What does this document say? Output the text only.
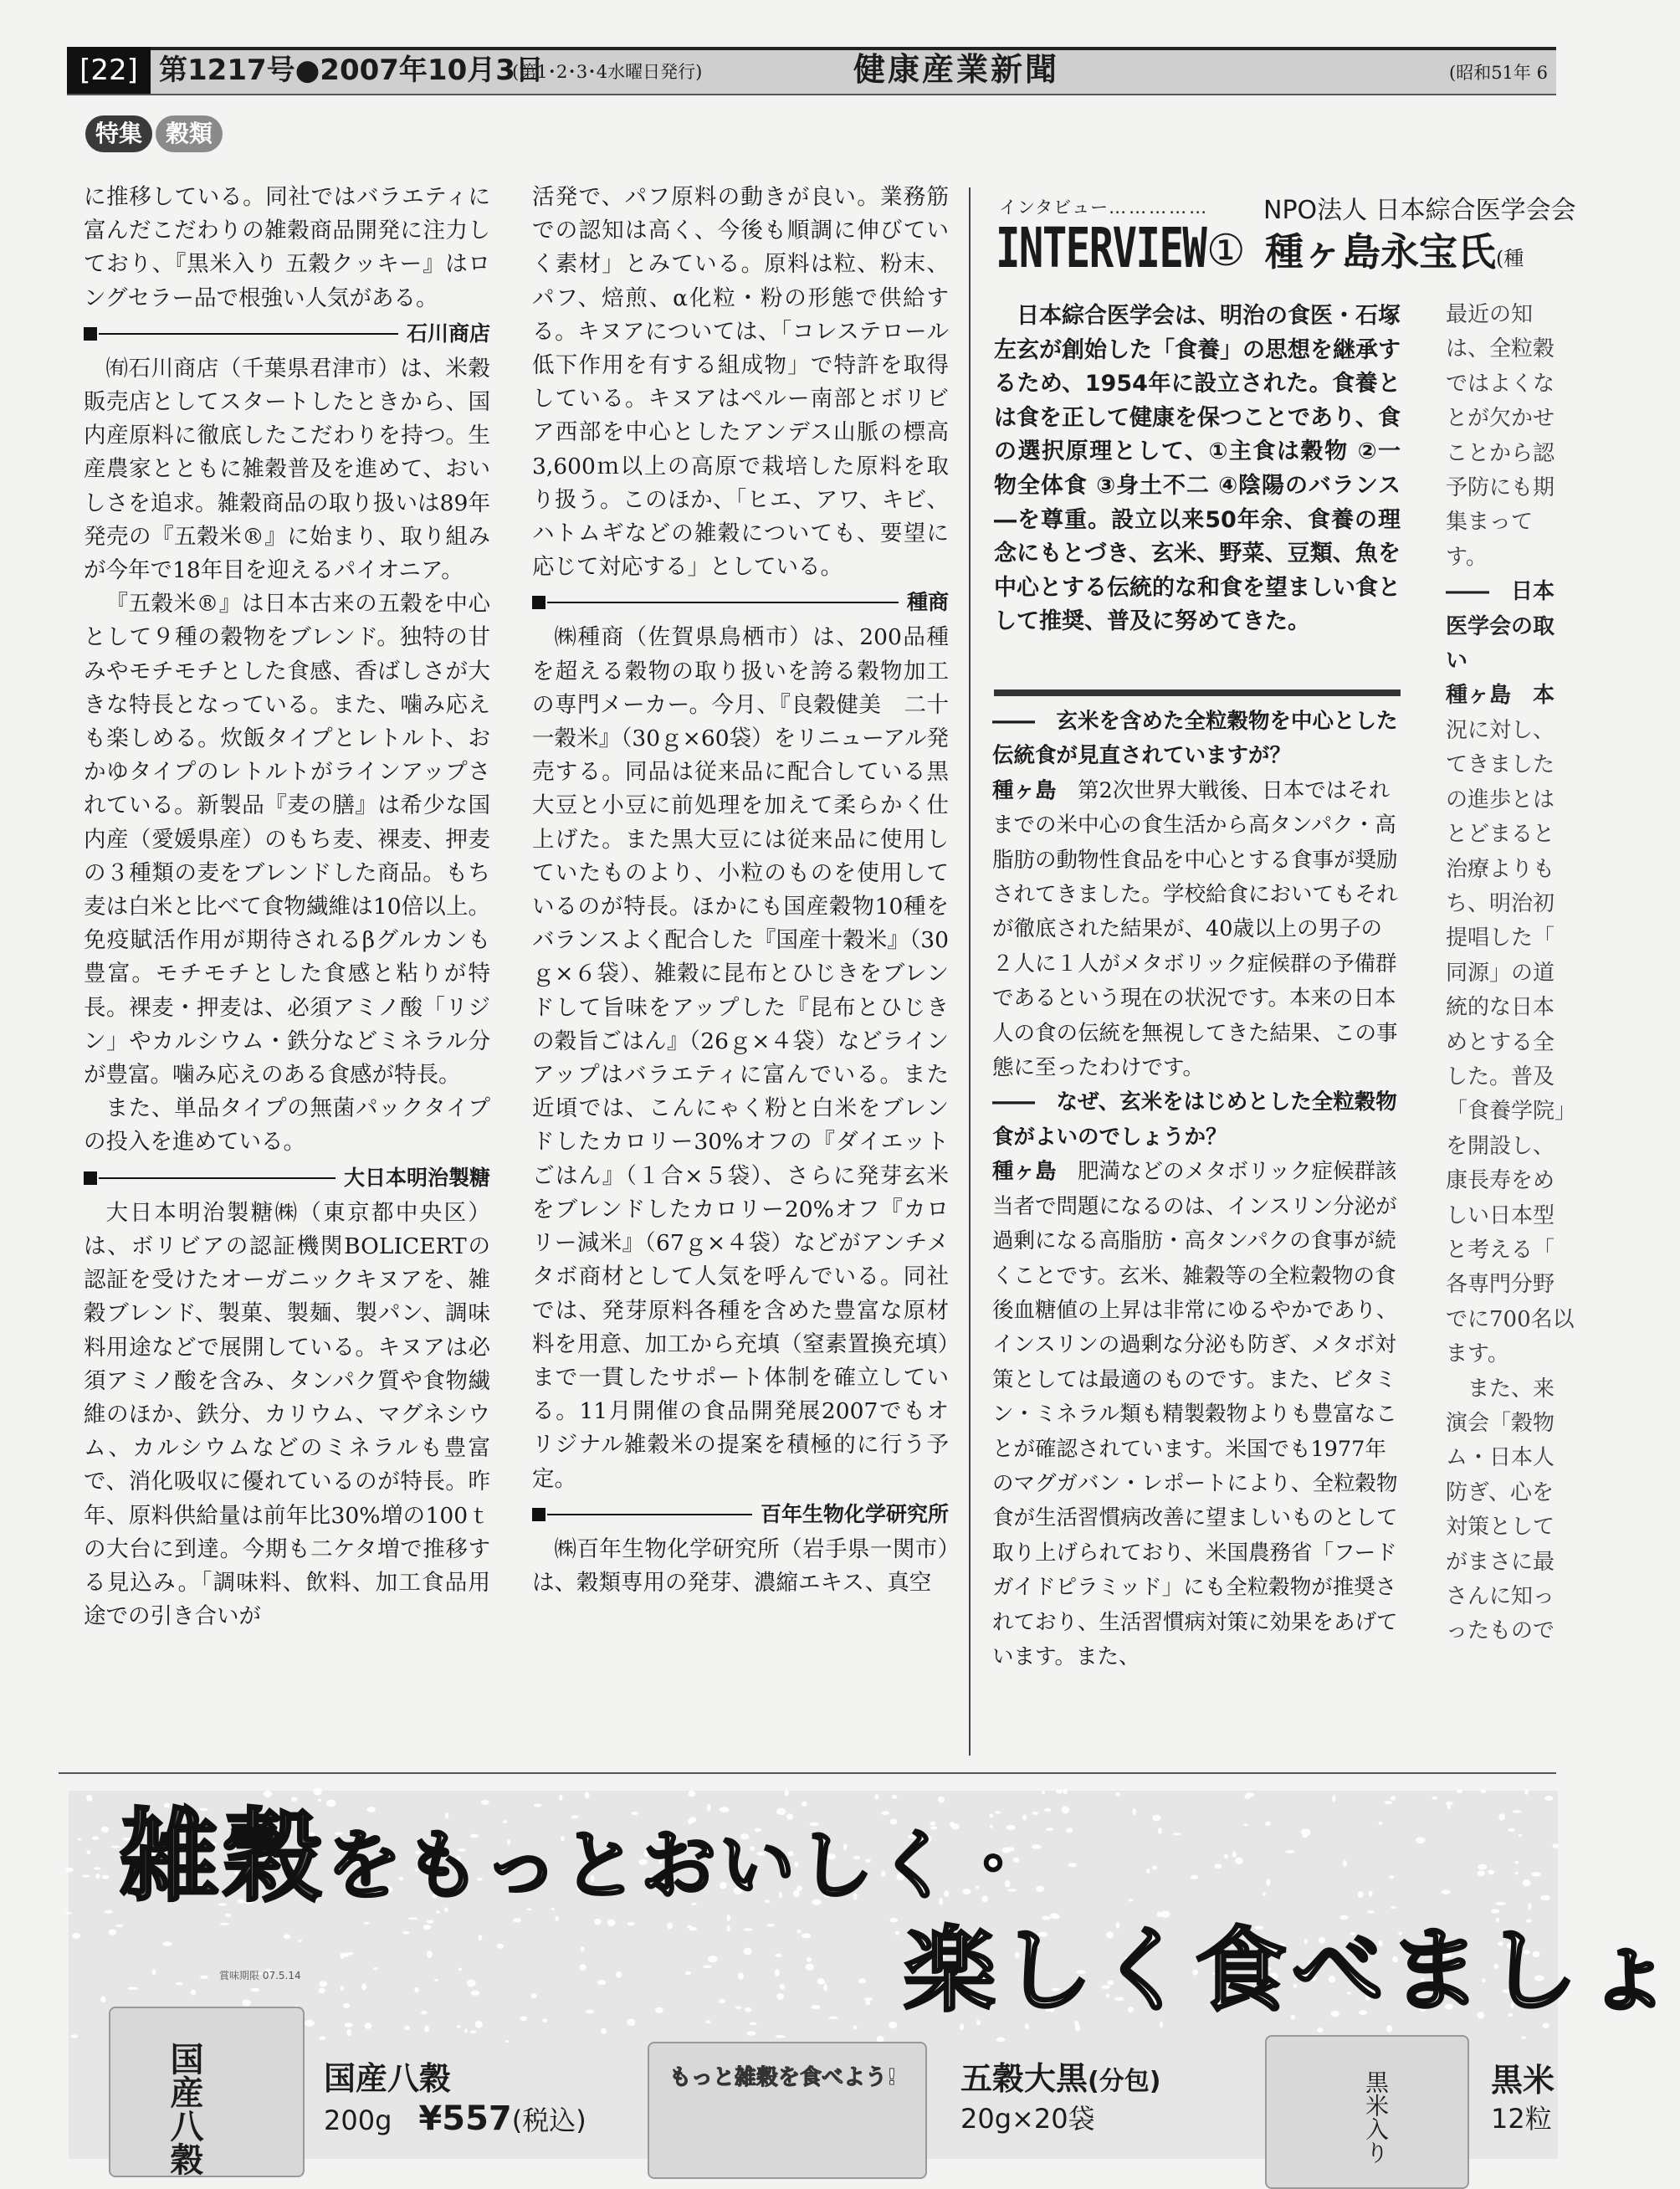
[22] 第1217号●2007年10月3日
(第1･2･3･4水曜日発行)	健康産業新聞	(昭和51年 6
特集 穀類

に推移している。同社ではバラエティに富んだこだわりの雑穀商品開発に注力しており、『黒米入り 五穀クッキー』はロングセラー品で根強い人気がある。

石川商店

㈲石川商店（千葉県君津市）は、米穀販売店としてスタートしたときから、国内産原料に徹底したこだわりを持つ。生産農家とともに雑穀普及を進めて、おいしさを追求。雑穀商品の取り扱いは89年発売の『五穀米®』に始まり、取り組みが今年で18年目を迎えるパイオニア。

『五穀米®』は日本古来の五穀を中心として９種の穀物をブレンド。独特の甘みやモチモチとした食感、香ばしさが大きな特長となっている。また、噛み応えも楽しめる。炊飯タイプとレトルト、おかゆタイプのレトルトがラインアップされている。新製品『麦の膳』は希少な国内産（愛媛県産）のもち麦、裸麦、押麦の３種類の麦をブレンドした商品。もち麦は白米と比べて食物繊維は10倍以上。免疫賦活作用が期待されるβグルカンも豊富。モチモチとした食感と粘りが特長。裸麦・押麦は、必須アミノ酸「リジン」やカルシウム・鉄分などミネラル分が豊富。噛み応えのある食感が特長。

また、単品タイプの無菌パックタイプの投入を進めている。

大日本明治製糖

大日本明治製糖㈱（東京都中央区）は、ボリビアの認証機関BOLICERTの認証を受けたオーガニックキヌアを、雑穀ブレンド、製菓、製麺、製パン、調味料用途などで展開している。キヌアは必須アミノ酸を含み、タンパク質や食物繊維のほか、鉄分、カリウム、マグネシウム、カルシウムなどのミネラルも豊富で、消化吸収に優れているのが特長。昨年、原料供給量は前年比30%増の100ｔの大台に到達。今期も二ケタ増で推移する見込み。「調味料、飲料、加工食品用途での引き合いが

活発で、パフ原料の動きが良い。業務筋での認知は高く、今後も順調に伸びていく素材」とみている。原料は粒、粉末、パフ、焙煎、α化粒・粉の形態で供給する。キヌアについては、「コレステロール低下作用を有する組成物」で特許を取得している。キヌアはペルー南部とボリビア西部を中心としたアンデス山脈の標高3,600ｍ以上の高原で栽培した原料を取り扱う。このほか、「ヒエ、アワ、キビ、ハトムギなどの雑穀についても、要望に応じて対応する」としている。

種商

㈱種商（佐賀県鳥栖市）は、200品種を超える穀物の取り扱いを誇る穀物加工の専門メーカー。今月、『良穀健美　二十一穀米』（30ｇ×60袋）をリニューアル発売する。同品は従来品に配合している黒大豆と小豆に前処理を加えて柔らかく仕上げた。また黒大豆には従来品に使用していたものより、小粒のものを使用しているのが特長。ほかにも国産穀物10種をバランスよく配合した『国産十穀米』（30ｇ×６袋）、雑穀に昆布とひじきをブレンドして旨味をアップした『昆布とひじきの穀旨ごはん』（26ｇ×４袋）などラインアップはバラエティに富んでいる。また近頃では、こんにゃく粉と白米をブレンドしたカロリー30%オフの『ダイエットごはん』（１合×５袋）、さらに発芽玄米をブレンドしたカロリー20%オフ『カロリー減米』（67ｇ×４袋）などがアンチメタボ商材として人気を呼んでいる。同社では、発芽原料各種を含めた豊富な原材料を用意、加工から充填（窒素置換充填）まで一貫したサポート体制を確立している。11月開催の食品開発展2007でもオリジナル雑穀米の提案を積極的に行う予定。

百年生物化学研究所

㈱百年生物化学研究所（岩手県一関市）は、穀類専用の発芽、濃縮エキス、真空

インタビュー……………
INTERVIEW ①
NPO法人 日本綜合医学会会
種ヶ島永宝氏(種

日本綜合医学会は、明治の食医・石塚左玄が創始した「食養」の思想を継承するため、1954年に設立された。食養とは食を正して健康を保つことであり、食の選択原理として、①主食は穀物 ②一物全体食 ③身土不二 ④陰陽のバランス―を尊重。設立以来50年余、食養の理念にもとづき、玄米、野菜、豆類、魚を中心とする伝統的な和食を望ましい食として推奨、普及に努めてきた。

――　玄米を含めた全粒穀物を中心とした伝統食が見直されていますが？

種ヶ島　 第2次世界大戦後、日本ではそれまでの米中心の食生活から高タンパク・高脂肪の動物性食品を中心とする食事が奨励されてきました。学校給食においてもそれが徹底された結果が、40歳以上の男子の２人に１人がメタボリック症候群の予備群であるという現在の状況です。本来の日本人の食の伝統を無視してきた結果、この事態に至ったわけです。

――　なぜ、玄米をはじめとした全粒穀物食がよいのでしょうか？

種ヶ島　 肥満などのメタボリック症候群該当者で問題になるのは、インスリン分泌が過剰になる高脂肪・高タンパクの食事が続くことです。玄米、雑穀等の全粒穀物の食後血糖値の上昇は非常にゆるやかであり、インスリンの過剰な分泌も防ぎ、メタボ対策としては最適のものです。また、ビタミン・ミネラル類も精製穀物よりも豊富なことが確認されています。米国でも1977年のマグガバン・レポートにより、全粒穀物食が生活習慣病改善に望ましいものとして取り上げられており、米国農務省「フードガイドピラミッド」にも全粒穀物が推奨されており、生活習慣病対策に効果をあげています。また、

最近の知
は、全粒穀
ではよくな
とが欠かせ
ことから認
予防にも期
集まって
す。
――　日本
医学会の取
い
種ヶ島　本
況に対し、
てきました
の進歩とは
とどまると
治療よりも
ち、明治初
提唱した「
同源」の道
統的な日本
めとする全
した。普及
「食養学院」
を開設し、
康長寿をめ
しい日本型
と考える「
各専門分野
でに700名以
ます。
　また、来
演会「穀物
ム・日本人
防ぎ、心を
対策として
がまさに最
さんに知っ
ったもので
雑穀をもっとおいしく・
楽しく食べましょ
賞味期限 07.5.14
国産八穀	国産八穀
200g　 ¥557(税込)
もっと雑穀を食べよう! 五穀大黒(分包)
20g×20袋	黒米入り	黒米
12粒
